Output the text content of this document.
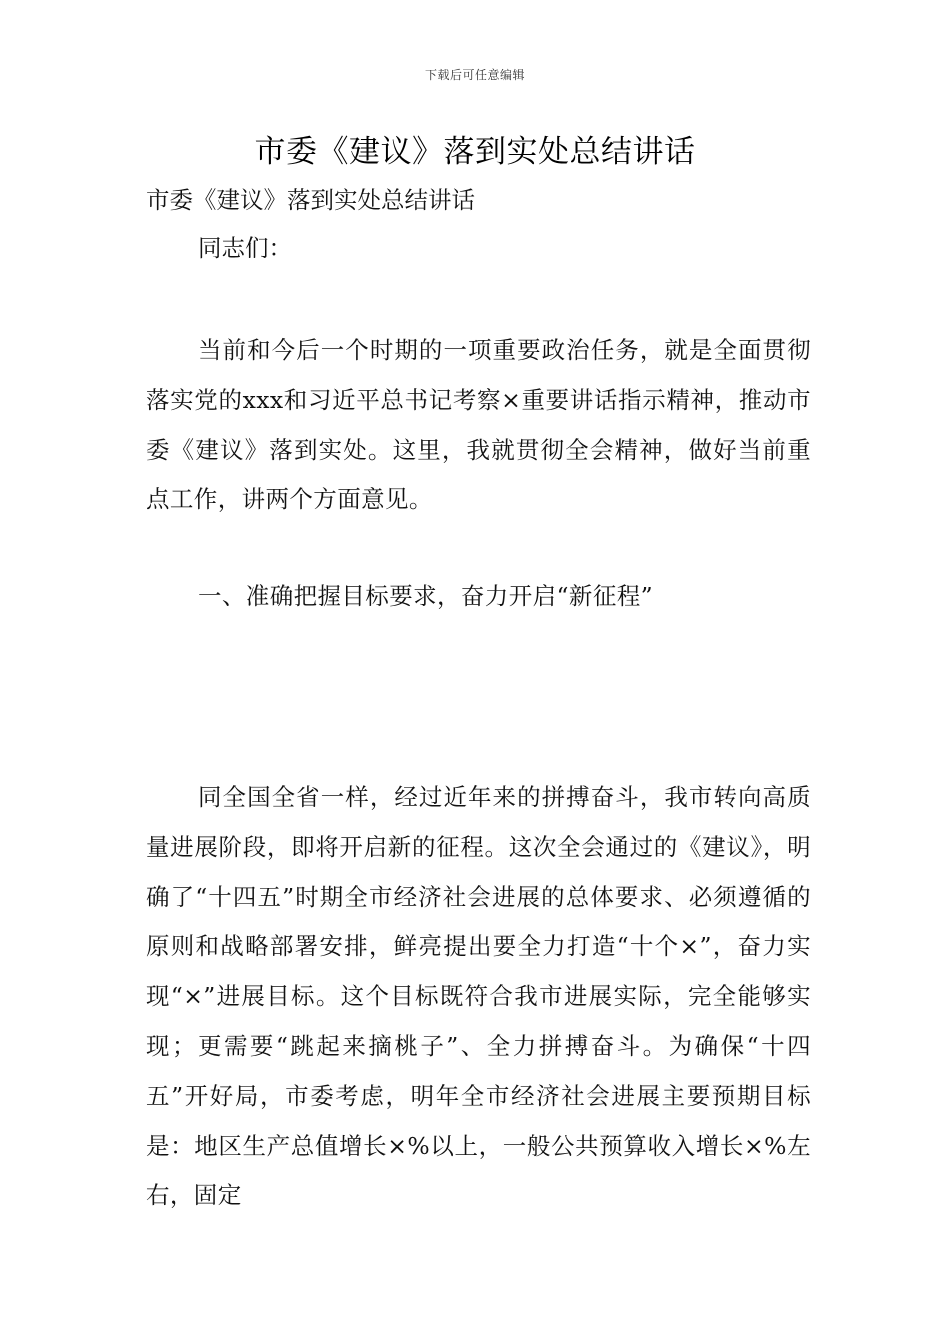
下载后可任意编辑
市委《建议》落到实处总结讲话
市委《建议》落到实处总结讲话
同志们：
当前和今后一个时期的一项重要政治任务，就是全面贯彻落实党的xxx和习近平总书记考察×重要讲话指示精神，推动市委《建议》落到实处。这里，我就贯彻全会精神，做好当前重点工作，讲两个方面意见。
一、准确把握目标要求，奋力开启“新征程”
同全国全省一样，经过近年来的拼搏奋斗，我市转向高质量进展阶段，即将开启新的征程。这次全会通过的《建议》，明确了“十四五”时期全市经济社会进展的总体要求、必须遵循的原则和战略部署安排，鲜亮提出要全力打造“十个×”，奋力实现“×”进展目标。这个目标既符合我市进展实际，完全能够实现；更需要“跳起来摘桃子”、全力拼搏奋斗。为确保“十四五”开好局，市委考虑，明年全市经济社会进展主要预期目标是：地区生产总值增长×%以上，一般公共预算收入增长×%左右，固定
